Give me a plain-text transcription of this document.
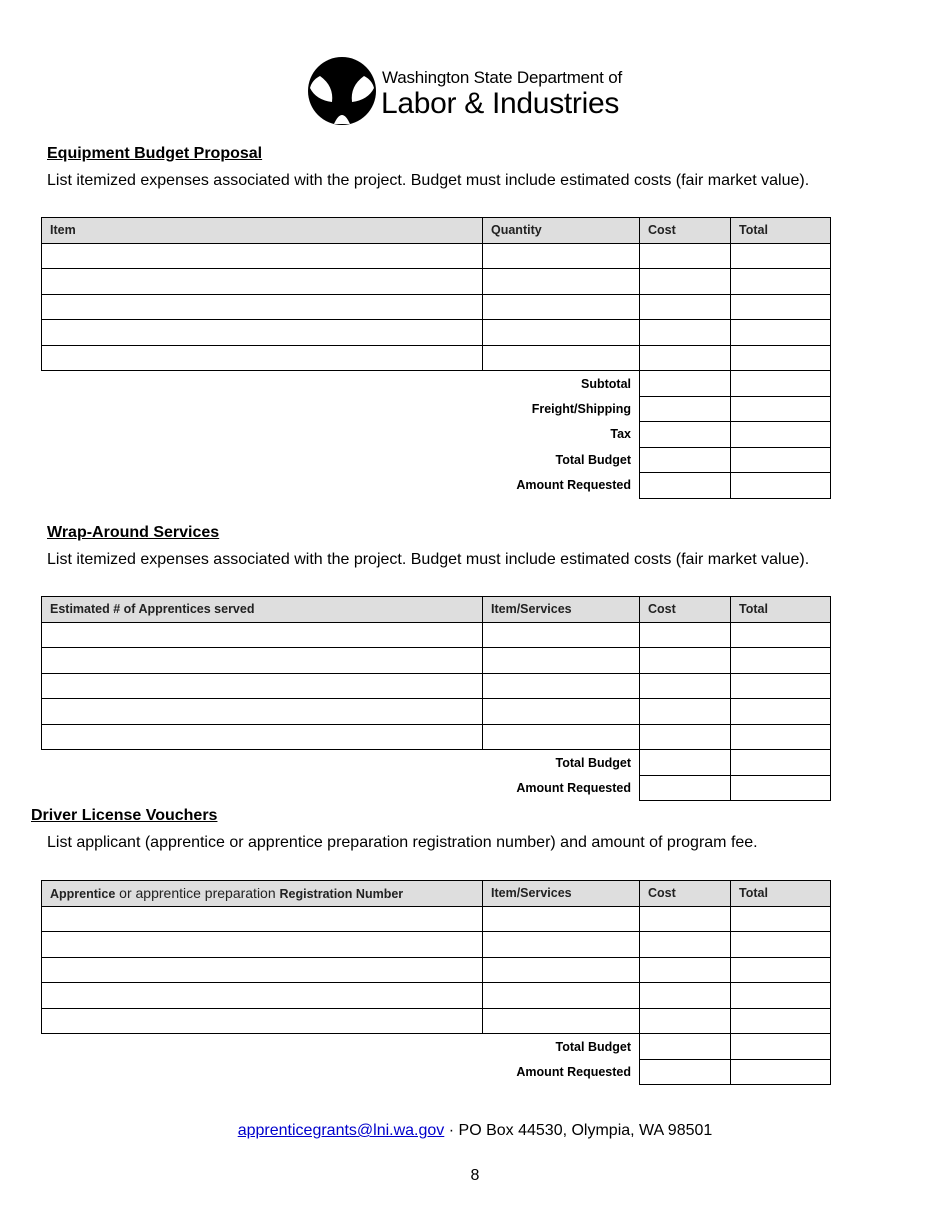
Washington State Department of
Labor & Industries
Equipment Budget Proposal
List itemized expenses associated with the project. Budget must include estimated costs (fair market value).
Item	Quantity	Cost	Total

Subtotal			
Freight/Shipping			
Tax			
Total Budget			
Amount Requested			
Wrap-Around Services
List itemized expenses associated with the project. Budget must include estimated costs (fair market value).
Estimated # of Apprentices served	Item/Services	Cost	Total

Total Budget			
Amount Requested			
Driver License Vouchers
List applicant (apprentice or apprentice preparation registration number) and amount of program fee.
Apprentice or apprentice preparation Registration Number	Item/Services	Cost	Total

Total Budget			
Amount Requested			
apprenticegrants@lni.wa.gov · PO Box 44530, Olympia, WA 98501
8
